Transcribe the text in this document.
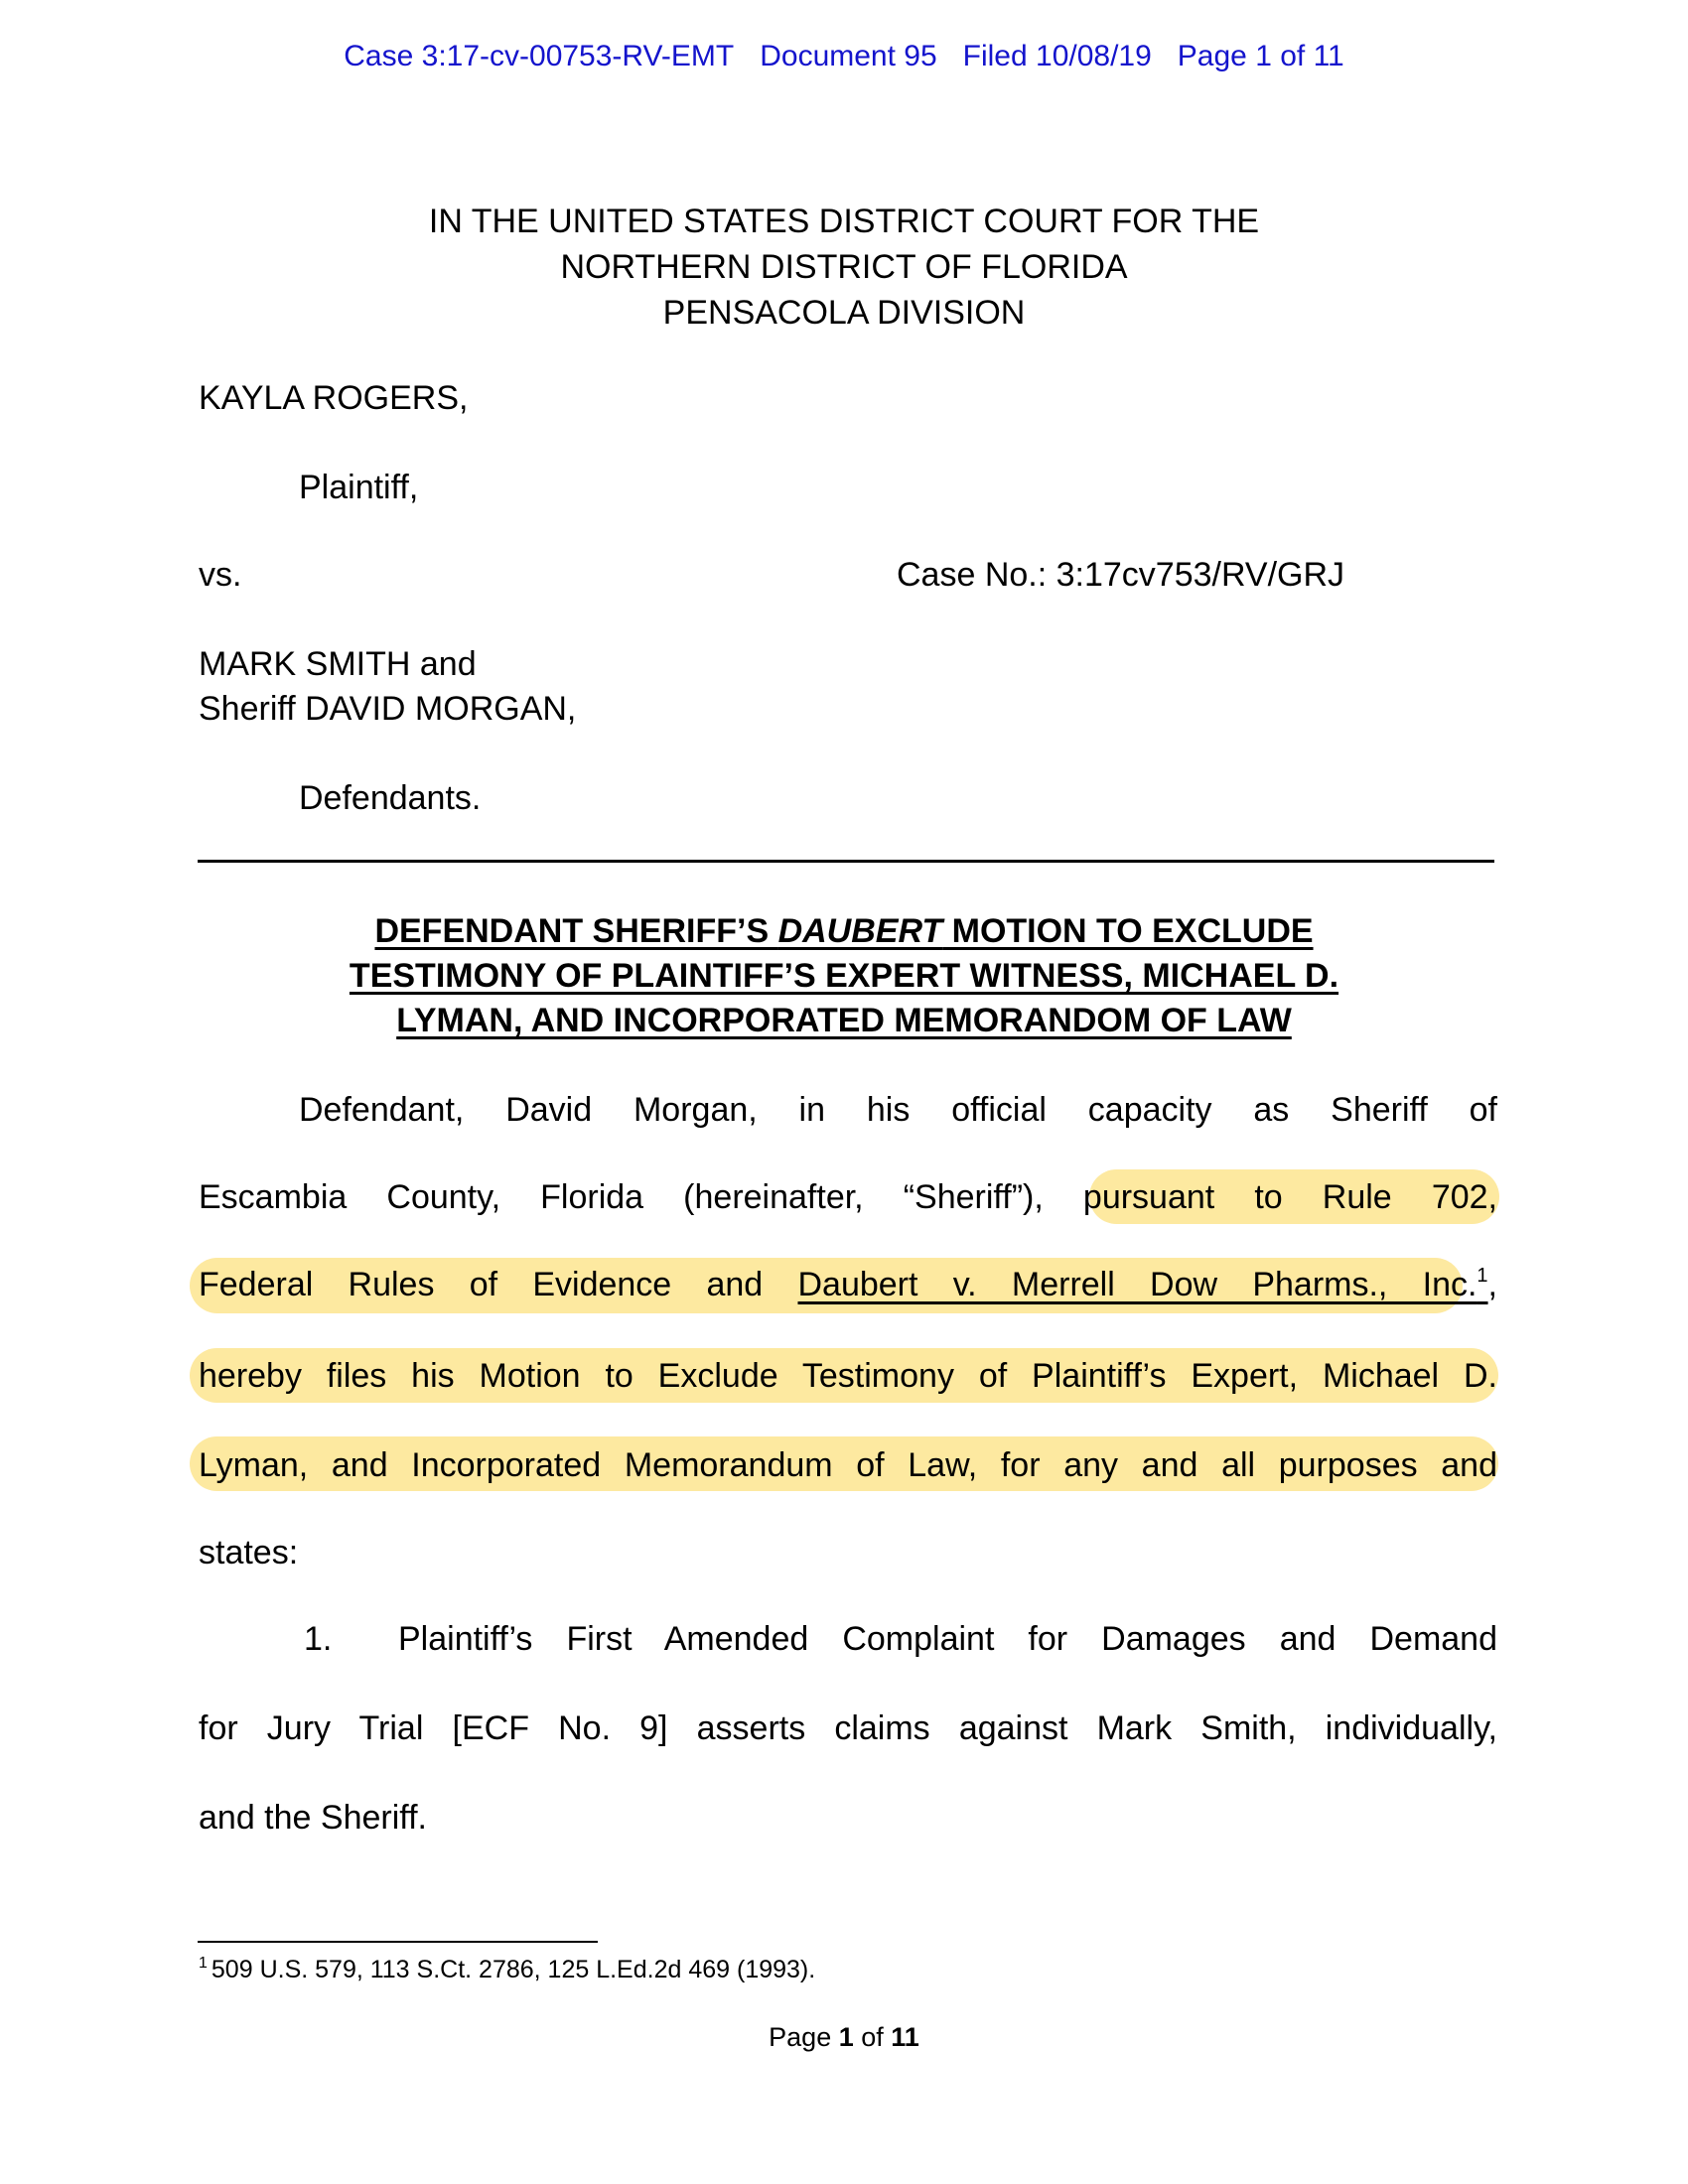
Case 3:17-cv-00753-RV-EMT Document 95 Filed 10/08/19 Page 1 of 11
IN THE UNITED STATES DISTRICT COURT FOR THE
NORTHERN DISTRICT OF FLORIDA
PENSACOLA DIVISION
KAYLA ROGERS,
Plaintiff,
vs.	Case No.: 3:17cv753/RV/GRJ
MARK SMITH and
Sheriff DAVID MORGAN,
Defendants.
DEFENDANT SHERIFF’S DAUBERT MOTION TO EXCLUDE
TESTIMONY OF PLAINTIFF’S EXPERT WITNESS, MICHAEL D.
LYMAN, AND INCORPORATED MEMORANDOM OF LAW
Defendant, David Morgan, in his official capacity as Sheriff of
Escambia County, Florida (hereinafter, “Sheriff”), pursuant to Rule 702,
Federal Rules of Evidence and Daubert v. Merrell Dow Pharms., Inc.$^1$,
hereby files his Motion to Exclude Testimony of Plaintiff’s Expert, Michael D.
Lyman, and Incorporated Memorandum of Law, for any and all purposes and
states:
1. Plaintiff’s First Amended Complaint for Damages and Demand
for Jury Trial [ECF No. 9] asserts claims against Mark Smith, individually,
and the Sheriff.
$^1$ 509 U.S. 579, 113 S.Ct. 2786, 125 L.Ed.2d 469 (1993).
Page 1 of 11
